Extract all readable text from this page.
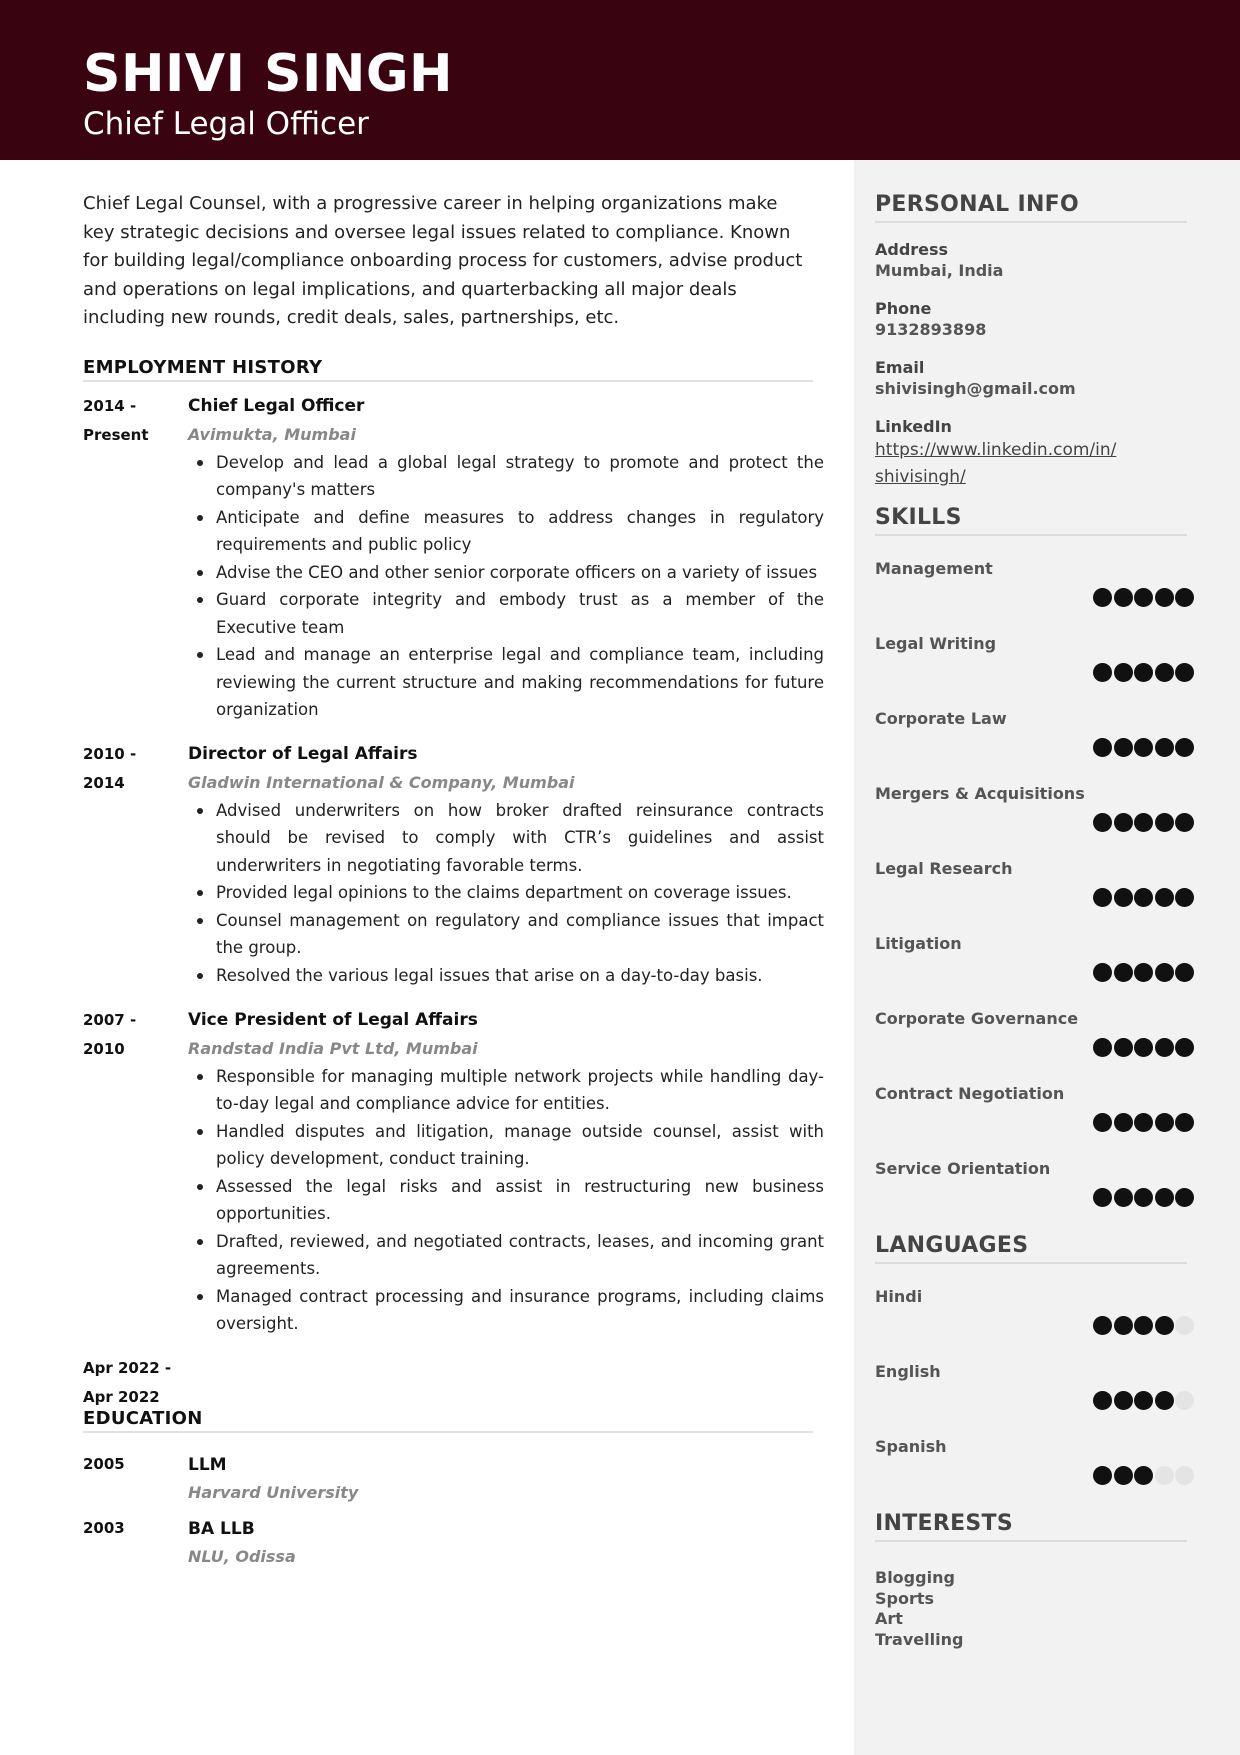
SHIVI SINGH
Chief Legal Officer

Chief Legal Counsel, with a progressive career in helping organizations make key strategic decisions and oversee legal issues related to compliance. Known for building legal/compliance onboarding process for customers, advise product and operations on legal implications, and quarterbacking all major deals including new rounds, credit deals, sales, partnerships, etc.

EMPLOYMENT HISTORY
2014 -
Present
Chief Legal Officer
Avimukta, Mumbai
Develop and lead a global legal strategy to promote and protect the company's matters
Anticipate and define measures to address changes in regulatory requirements and public policy
Advise the CEO and other senior corporate officers on a variety of issues
Guard corporate integrity and embody trust as a member of the Executive team
Lead and manage an enterprise legal and compliance team, including reviewing the current structure and making recommendations for future organization
2010 -
2014
Director of Legal Affairs
Gladwin International & Company, Mumbai
Advised underwriters on how broker drafted reinsurance contracts should be revised to comply with CTR’s guidelines and assist underwriters in negotiating favorable terms.
Provided legal opinions to the claims department on coverage issues.
Counsel management on regulatory and compliance issues that impact the group.
Resolved the various legal issues that arise on a day-to-day basis.
2007 -
2010
Vice President of Legal Affairs
Randstad India Pvt Ltd, Mumbai
Responsible for managing multiple network projects while handling day-to-day legal and compliance advice for entities.
Handled disputes and litigation, manage outside counsel, assist with policy development, conduct training.
Assessed the legal risks and assist in restructuring new business opportunities.
Drafted, reviewed, and negotiated contracts, leases, and incoming grant agreements.
Managed contract processing and insurance programs, including claims oversight.
Apr 2022 -
Apr 2022
EDUCATION
2005	LLM
Harvard University
2003	BA LLB
NLU, Odissa
PERSONAL INFO
Address
Mumbai, India
Phone
9132893898
Email
shivisingh@gmail.com
LinkedIn
https://www.linkedin.com/in/
shivisingh/
SKILLS
Management
Legal Writing
Corporate Law
Mergers & Acquisitions
Legal Research
Litigation
Corporate Governance
Contract Negotiation
Service Orientation
LANGUAGES
Hindi
English
Spanish
INTERESTS
Blogging
Sports
Art
Travelling
